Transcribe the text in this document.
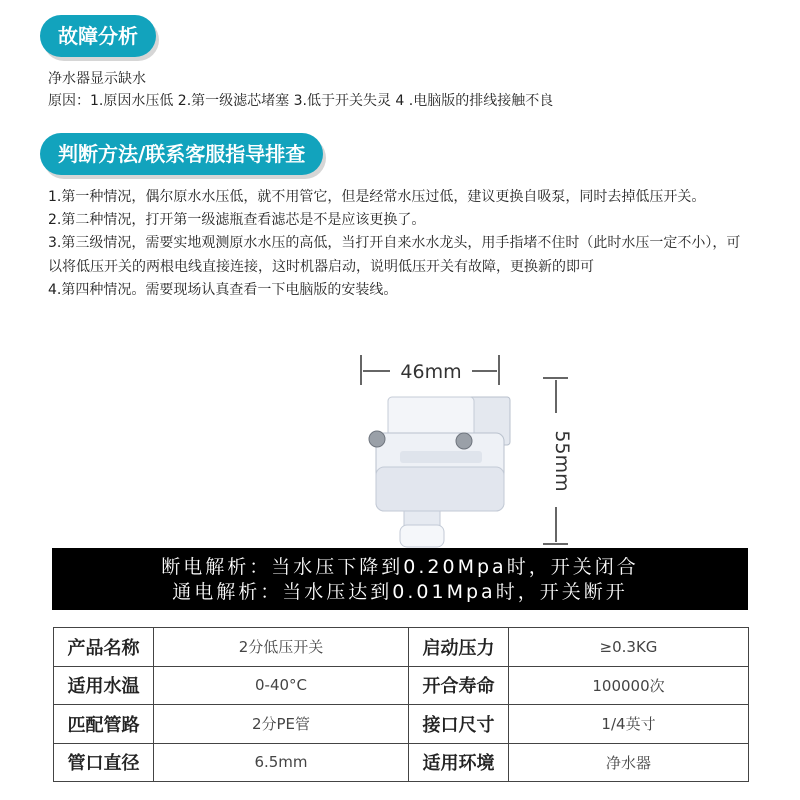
故障分析
净水器显示缺水
原因：1.原因水压低 2.第一级滤芯堵塞 3.低于开关失灵 4 .电脑版的排线接触不良
判断方法/联系客服指导排查

1.第一种情况，偶尔原水水压低，就不用管它，但是经常水压过低，建议更换自吸泵，同时去掉低压开关。

2.第二种情况，打开第一级滤瓶查看滤芯是不是应该更换了。

3.第三级情况，需要实地观测原水水压的高低，当打开自来水水龙头，用手指堵不住时（此时水压一定不小），可以将低压开关的两根电线直接连接，这时机器启动，说明低压开关有故障，更换新的即可

4.第四种情况。需要现场认真查看一下电脑版的安装线。

46mm
55mm
断电解析：当水压下降到0.20Mpa时，开关闭合
通电解析：当水压达到0.01Mpa时，开关断开
产品名称	2分低压开关	启动压力	≥0.3KG
适用水温	0-40°C	开合寿命	100000次
匹配管路	2分PE管	接口尺寸	1/4英寸
管口直径	6.5mm	适用环境	净水器
